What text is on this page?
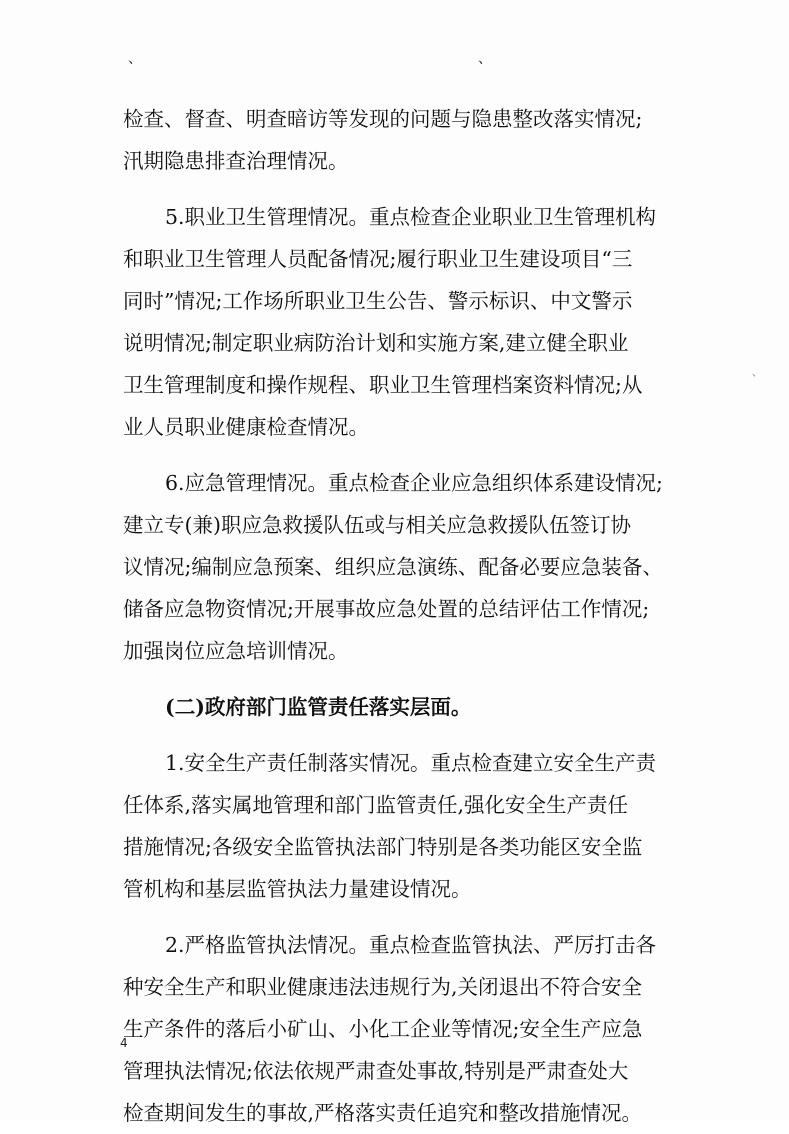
、	、
、
检查、督查、明查暗访等发现的问题与隐患整改落实情况;
汛期隐患排查治理情况。
5.职业卫生管理情况。重点检查企业职业卫生管理机构
和职业卫生管理人员配备情况;履行职业卫生建设项目“三
同时”情况;工作场所职业卫生公告、警示标识、中文警示
说明情况;制定职业病防治计划和实施方案,建立健全职业
卫生管理制度和操作规程、职业卫生管理档案资料情况;从
业人员职业健康检查情况。
6.应急管理情况。重点检查企业应急组织体系建设情况;
建立专(兼)职应急救援队伍或与相关应急救援队伍签订协
议情况;编制应急预案、组织应急演练、配备必要应急装备、
储备应急物资情况;开展事故应急处置的总结评估工作情况;
加强岗位应急培训情况。
(二)政府部门监管责任落实层面。
1.安全生产责任制落实情况。重点检查建立安全生产责
任体系,落实属地管理和部门监管责任,强化安全生产责任
措施情况;各级安全监管执法部门特别是各类功能区安全监
管机构和基层监管执法力量建设情况。
2.严格监管执法情况。重点检查监管执法、严厉打击各
种安全生产和职业健康违法违规行为,关闭退出不符合安全
生产条件的落后小矿山、小化工企业等情况;安全生产应急
管理执法情况;依法依规严肃查处事故,特别是严肃查处大
检查期间发生的事故,严格落实责任追究和整改措施情况。
4
